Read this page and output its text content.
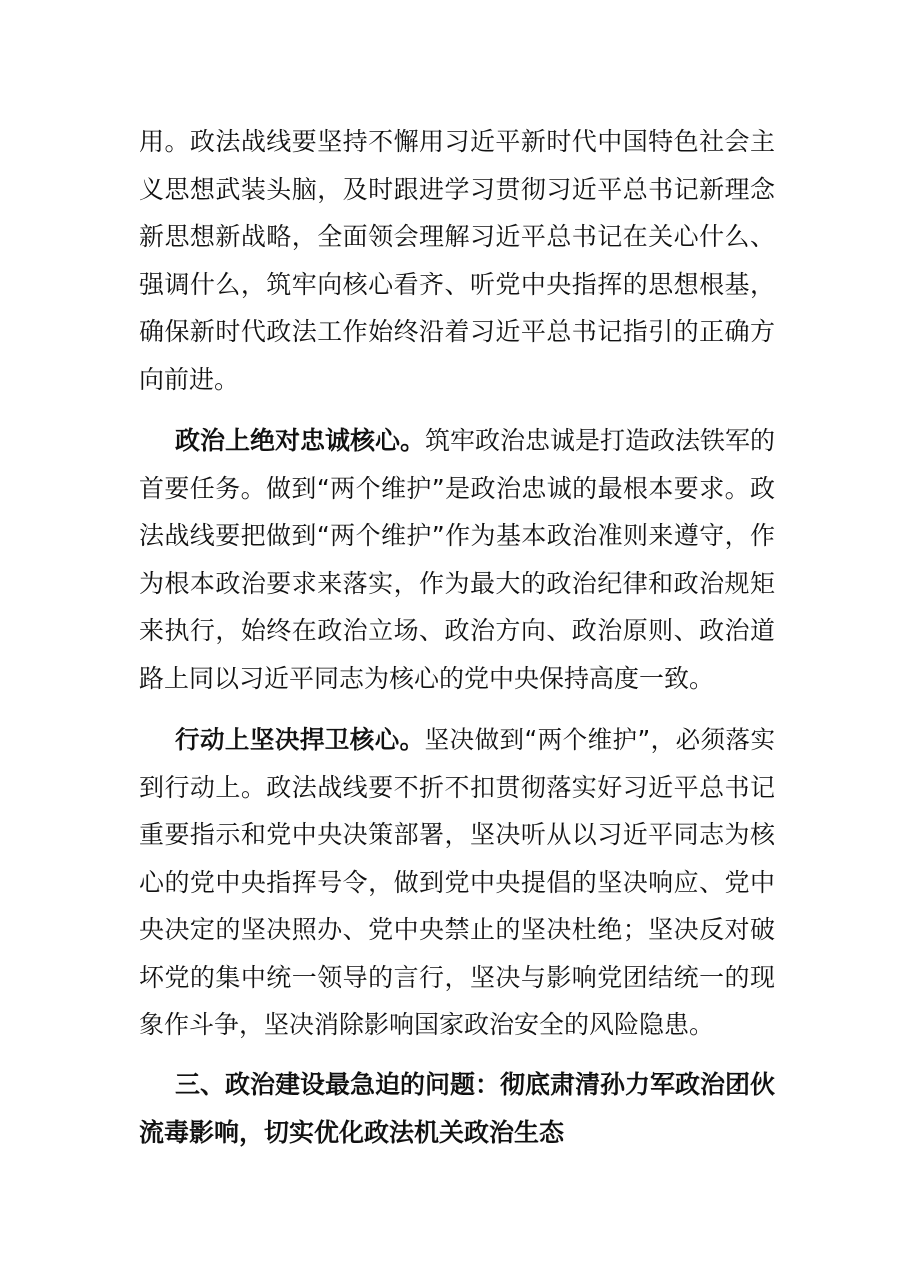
用。政法战线要坚持不懈用习近平新时代中国特色社会主
义思想武装头脑，及时跟进学习贯彻习近平总书记新理念
新思想新战略，全面领会理解习近平总书记在关心什么、
强调什么，筑牢向核心看齐、听党中央指挥的思想根基，
确保新时代政法工作始终沿着习近平总书记指引的正确方
向前进。
政治上绝对忠诚核心。筑牢政治忠诚是打造政法铁军的
首要任务。做到“两个维护”是政治忠诚的最根本要求。政
法战线要把做到“两个维护”作为基本政治准则来遵守，作
为根本政治要求来落实，作为最大的政治纪律和政治规矩
来执行，始终在政治立场、政治方向、政治原则、政治道
路上同以习近平同志为核心的党中央保持高度一致。
行动上坚决捍卫核心。坚决做到“两个维护”，必须落实
到行动上。政法战线要不折不扣贯彻落实好习近平总书记
重要指示和党中央决策部署，坚决听从以习近平同志为核
心的党中央指挥号令，做到党中央提倡的坚决响应、党中
央决定的坚决照办、党中央禁止的坚决杜绝；坚决反对破
坏党的集中统一领导的言行，坚决与影响党团结统一的现
象作斗争，坚决消除影响国家政治安全的风险隐患。
三、政治建设最急迫的问题：彻底肃清孙力军政治团伙
流毒影响，切实优化政法机关政治生态
